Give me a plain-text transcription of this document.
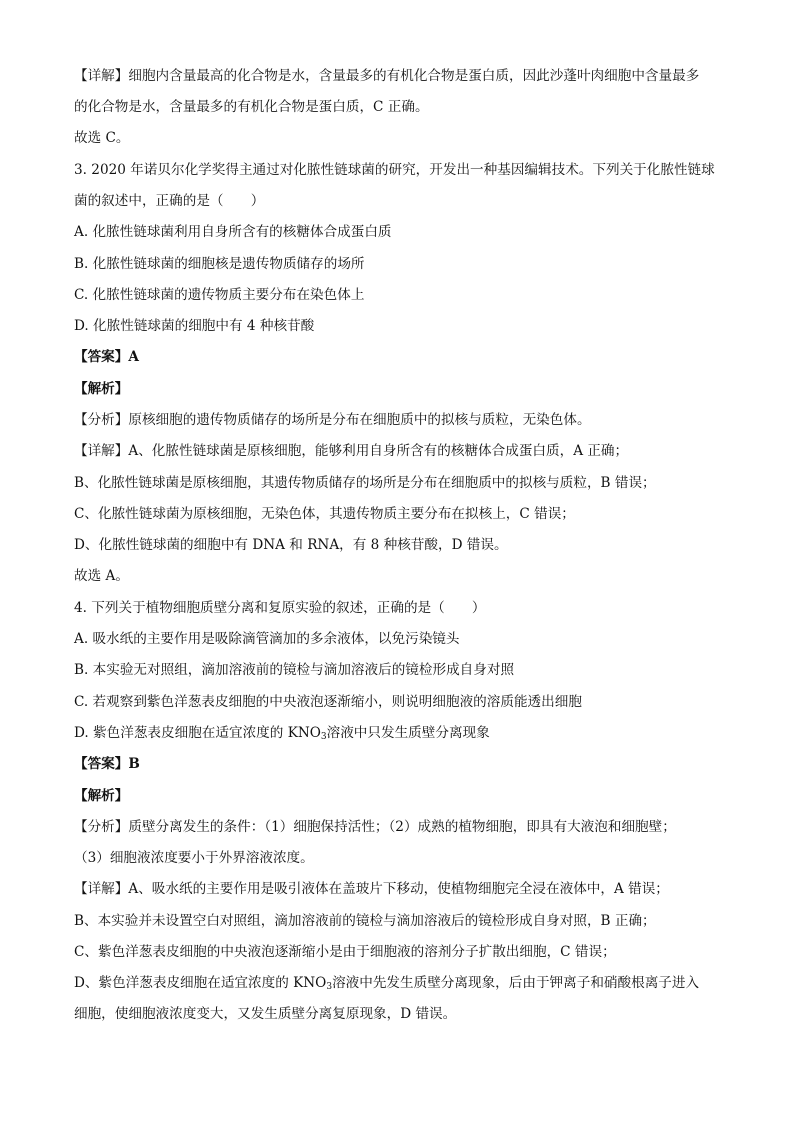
【详解】细胞内含量最高的化合物是水，含量最多的有机化合物是蛋白质，因此沙蓬叶肉细胞中含量最多
的化合物是水，含量最多的有机化合物是蛋白质，C 正确。
故选 C。
3. 2020 年诺贝尔化学奖得主通过对化脓性链球菌的研究，开发出一种基因编辑技术。下列关于化脓性链球
菌的叙述中，正确的是（　　）
A. 化脓性链球菌利用自身所含有的核糖体合成蛋白质
B. 化脓性链球菌的细胞核是遗传物质储存的场所
C. 化脓性链球菌的遗传物质主要分布在染色体上
D. 化脓性链球菌的细胞中有 4 种核苷酸
【答案】A
【解析】
【分析】原核细胞的遗传物质储存的场所是分布在细胞质中的拟核与质粒，无染色体。
【详解】A、化脓性链球菌是原核细胞，能够利用自身所含有的核糖体合成蛋白质，A 正确；
B、化脓性链球菌是原核细胞，其遗传物质储存的场所是分布在细胞质中的拟核与质粒，B 错误；
C、化脓性链球菌为原核细胞，无染色体，其遗传物质主要分布在拟核上，C 错误；
D、化脓性链球菌的细胞中有 DNA 和 RNA，有 8 种核苷酸，D 错误。
故选 A。
4. 下列关于植物细胞质壁分离和复原实验的叙述，正确的是（　　）
A. 吸水纸的主要作用是吸除滴管滴加的多余液体，以免污染镜头
B. 本实验无对照组，滴加溶液前的镜检与滴加溶液后的镜检形成自身对照
C. 若观察到紫色洋葱表皮细胞的中央液泡逐渐缩小，则说明细胞液的溶质能透出细胞
D. 紫色洋葱表皮细胞在适宜浓度的 $KNO_3$溶液中只发生质壁分离现象
【答案】B
【解析】
【分析】质壁分离发生的条件：（1）细胞保持活性；（2）成熟的植物细胞，即具有大液泡和细胞壁；
（3）细胞液浓度要小于外界溶液浓度。
【详解】A、吸水纸的主要作用是吸引液体在盖玻片下移动，使植物细胞完全浸在液体中，A 错误；
B、本实验并未设置空白对照组，滴加溶液前的镜检与滴加溶液后的镜检形成自身对照，B 正确；
C、紫色洋葱表皮细胞的中央液泡逐渐缩小是由于细胞液的溶剂分子扩散出细胞，C 错误；
D、紫色洋葱表皮细胞在适宜浓度的 $KNO_3$溶液中先发生质壁分离现象，后由于钾离子和硝酸根离子进入
细胞，使细胞液浓度变大，又发生质壁分离复原现象，D 错误。
